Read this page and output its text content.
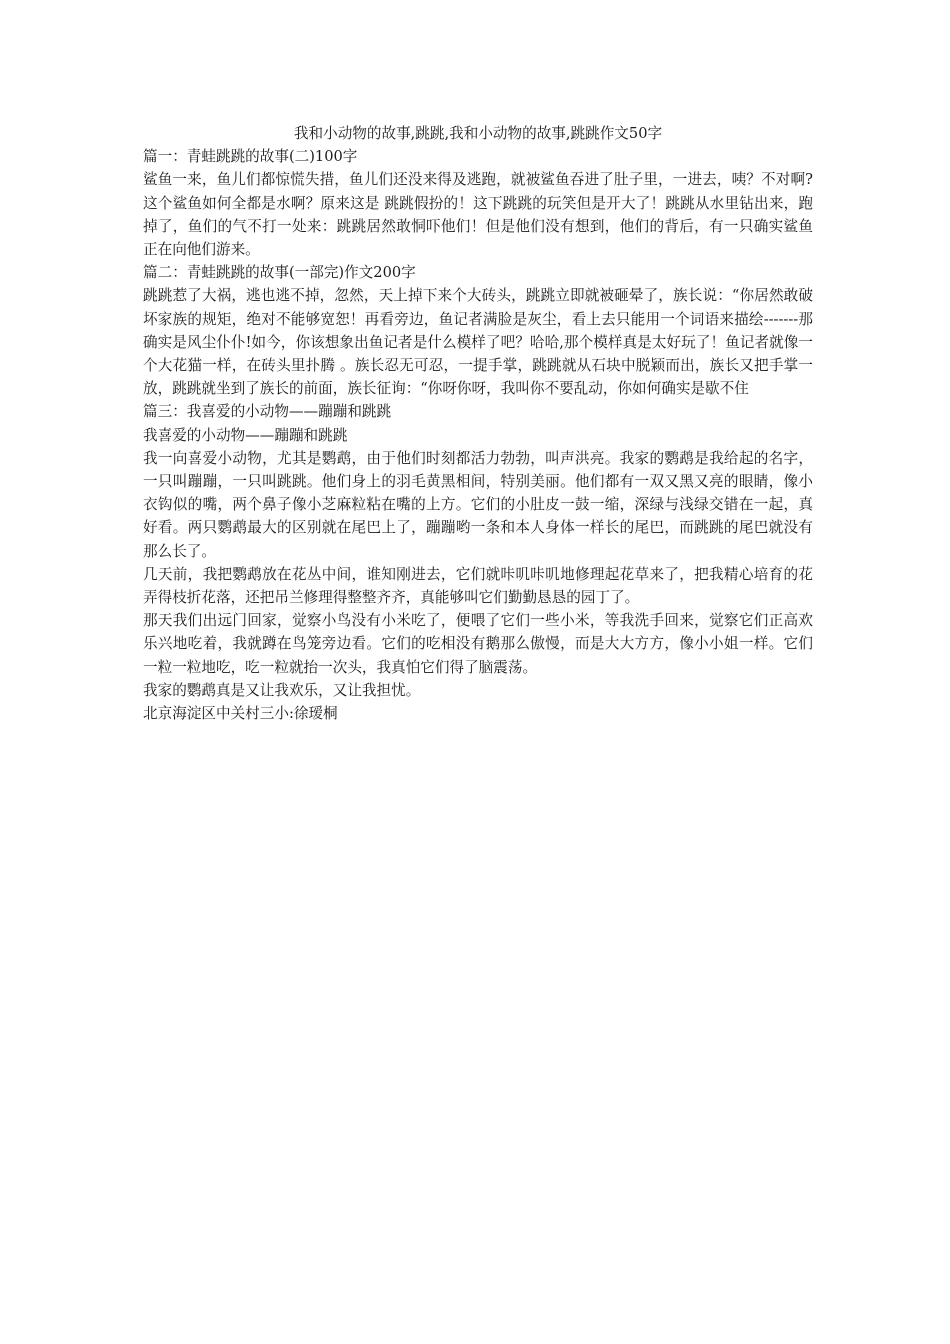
我和小动物的故事,跳跳,我和小动物的故事,跳跳作文50字

篇一：青蛙跳跳的故事(二)100字

鲨鱼一来，鱼儿们都惊慌失措，鱼儿们还没来得及逃跑，就被鲨鱼吞进了肚子里，一进去，咦？不对啊?这个鲨鱼如何全都是水啊？原来这是 跳跳假扮的！这下跳跳的玩笑但是开大了！跳跳从水里钻出来，跑掉了，鱼们的气不打一处来：跳跳居然敢恫吓他们！但是他们没有想到，他们的背后，有一只确实鲨鱼正在向他们游来。

篇二：青蛙跳跳的故事(一部完)作文200字

跳跳惹了大祸，逃也逃不掉，忽然，天上掉下来个大砖头，跳跳立即就被砸晕了，族长说：“你居然敢破坏家族的规矩，绝对不能够宽恕！再看旁边，鱼记者满脸是灰尘，看上去只能用一个词语来描绘-------那确实是风尘仆仆!如今，你该想象出鱼记者是什么模样了吧？哈哈,那个模样真是太好玩了！鱼记者就像一个大花猫一样，在砖头里扑腾 。族长忍无可忍，一提手掌，跳跳就从石块中脱颖而出，族长又把手掌一放，跳跳就坐到了族长的前面，族长征询：“你呀你呀，我叫你不要乱动，你如何确实是歇不住

篇三：我喜爱的小动物——蹦蹦和跳跳

我喜爱的小动物——蹦蹦和跳跳

我一向喜爱小动物，尤其是鹦鹉，由于他们时刻都活力勃勃，叫声洪亮。我家的鹦鹉是我给起的名字，一只叫蹦蹦，一只叫跳跳。他们身上的羽毛黄黑相间，特别美丽。他们都有一双又黑又亮的眼睛，像小衣钩似的嘴，两个鼻子像小芝麻粒粘在嘴的上方。它们的小肚皮一鼓一缩，深绿与浅绿交错在一起，真好看。两只鹦鹉最大的区别就在尾巴上了，蹦蹦哟一条和本人身体一样长的尾巴，而跳跳的尾巴就没有那么长了。

几天前，我把鹦鹉放在花丛中间，谁知刚进去，它们就咔叽咔叽地修理起花草来了，把我精心培育的花弄得枝折花落，还把吊兰修理得整整齐齐，真能够叫它们勤勤恳恳的园丁了。

那天我们出远门回家，觉察小鸟没有小米吃了，便喂了它们一些小米，等我洗手回来，觉察它们正高欢乐兴地吃着，我就蹲在鸟笼旁边看。它们的吃相没有鹅那么傲慢，而是大大方方，像小小姐一样。它们一粒一粒地吃，吃一粒就抬一次头，我真怕它们得了脑震荡。

我家的鹦鹉真是又让我欢乐，又让我担忧。

北京海淀区中关村三小:徐瑷桐
